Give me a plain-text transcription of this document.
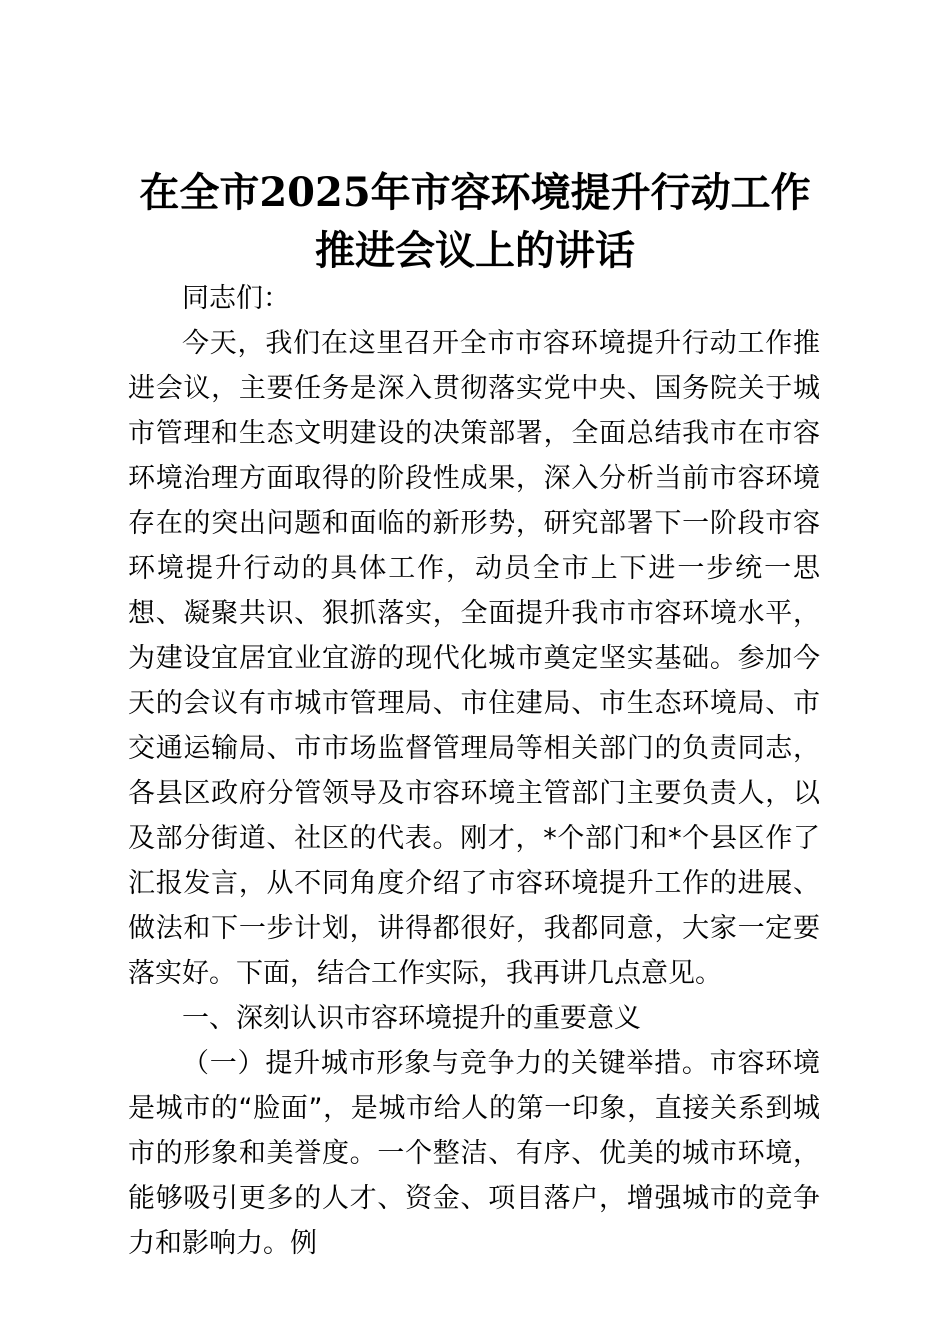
在全市2025年市容环境提升行动工作
推进会议上的讲话

同志们：

今天，我们在这里召开全市市容环境提升行动工作推进会议，主要任务是深入贯彻落实党中央、国务院关于城市管理和生态文明建设的决策部署，全面总结我市在市容环境治理方面取得的阶段性成果，深入分析当前市容环境存在的突出问题和面临的新形势，研究部署下一阶段市容环境提升行动的具体工作，动员全市上下进一步统一思想、凝聚共识、狠抓落实，全面提升我市市容环境水平，为建设宜居宜业宜游的现代化城市奠定坚实基础。参加今天的会议有市城市管理局、市住建局、市生态环境局、市交通运输局、市市场监督管理局等相关部门的负责同志，各县区政府分管领导及市容环境主管部门主要负责人，以及部分街道、社区的代表。刚才，*个部门和*个县区作了汇报发言，从不同角度介绍了市容环境提升工作的进展、做法和下一步计划，讲得都很好，我都同意，大家一定要落实好。下面，结合工作实际，我再讲几点意见。

一、深刻认识市容环境提升的重要意义

（一）提升城市形象与竞争力的关键举措。市容环境是城市的“脸面”，是城市给人的第一印象，直接关系到城市的形象和美誉度。一个整洁、有序、优美的城市环境，能够吸引更多的人才、资金、项目落户，增强城市的竞争力和影响力。例
